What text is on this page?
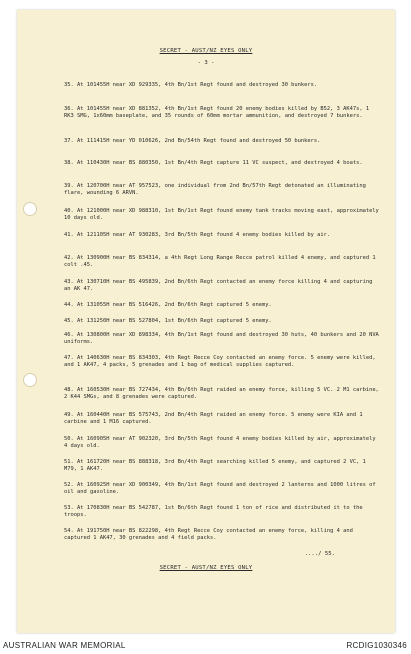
SECRET - AUST/NZ EYES ONLY
- 3 -
35. At 101455H near XD 929335, 4th Bn/1st Regt found and destroyed 30 bunkers.
36. At 101455H near XD 881352, 4th Bn/1st Regt found 20 enemy bodies killed by B52, 3 AK47s, 1 RK3 SMG, 1x60mm baseplate, and 35 rounds of 60mm mortar ammunition, and destroyed 7 bunkers.
37. At 111415H near YD 010626, 2nd Bn/54th Regt found and destroyed 50 bunkers.
38. At 110430H near BS 880350, 1st Bn/4th Regt capture 11 VC suspect, and destroyed 4 boats.
39. At 120700H near AT 957523, one individual from 2nd Bn/57th Regt detonated an illuminating flare, wounding 6 ARVN.
40. At 121000H near XD 988310, 1st Bn/1st Regt found enemy tank tracks moving east, approximately 10 days old.
41. At 121105H near AT 930283, 3rd Bn/5th Regt found 4 enemy bodies killed by air.
42. At 130900H near BS 834314, a 4th Regt Long Range Recce patrol killed 4 enemy, and captured 1 colt .45.
43. At 130710H near BS 495839, 2nd Bn/6th Regt contacted an enemy force killing 4 and capturing an AK 47.
44. At 131055H near BS 516426, 2nd Bn/6th Regt captured 5 enemy.
45. At 131250H near BS 527804, 1st Bn/6th Regt captured 5 enemy.
46. At 130800H near XD 898334, 4th Bn/1st Regt found and destroyed 30 huts, 40 bunkers and 20 NVA uniforms.
47. At 140630H near BS 834303, 4th Regt Recce Coy contacted an enemy force. 5 enemy were killed, and 1 AK47, 4 packs, 5 grenades and 1 bag of medical supplies captured.
48. At 160530H near BS 727434, 4th Bn/6th Regt raided an enemy force, killing 5 VC. 2 M1 carbine, 2 K44 SMGs, and 8 grenades were captured.
49. At 160440H near BS 575743, 2nd Bn/4th Regt raided an enemy force. 5 enemy were KIA and 1 carbine and 1 M16 captured.
50. At 160905H near AT 902320, 3rd Bn/5th Regt found 4 enemy bodies killed by air, approximately 4 days old.
51. At 161720H near BS 888318, 3rd Bn/4th Regt searching killed 5 enemy, and captured 2 VC, 1 M79, 1 AK47.
52. At 160925H near XD 900349, 4th Bn/1st Regt found and destroyed 2 lanterns and 1000 litres of oil and gasoline.
53. At 170830H near BS 542787, 1st Bn/6th Regt found 1 ton of rice and distributed it to the troops.
54. At 191750H near BS 822298, 4th Regt Recce Coy contacted an enemy force, killing 4 and captured 1 AK47, 30 grenades and 4 field packs.
..../ 55.
SECRET - AUST/NZ EYES ONLY
AUSTRALIAN WAR MEMORIAL	RCDIG1030346
